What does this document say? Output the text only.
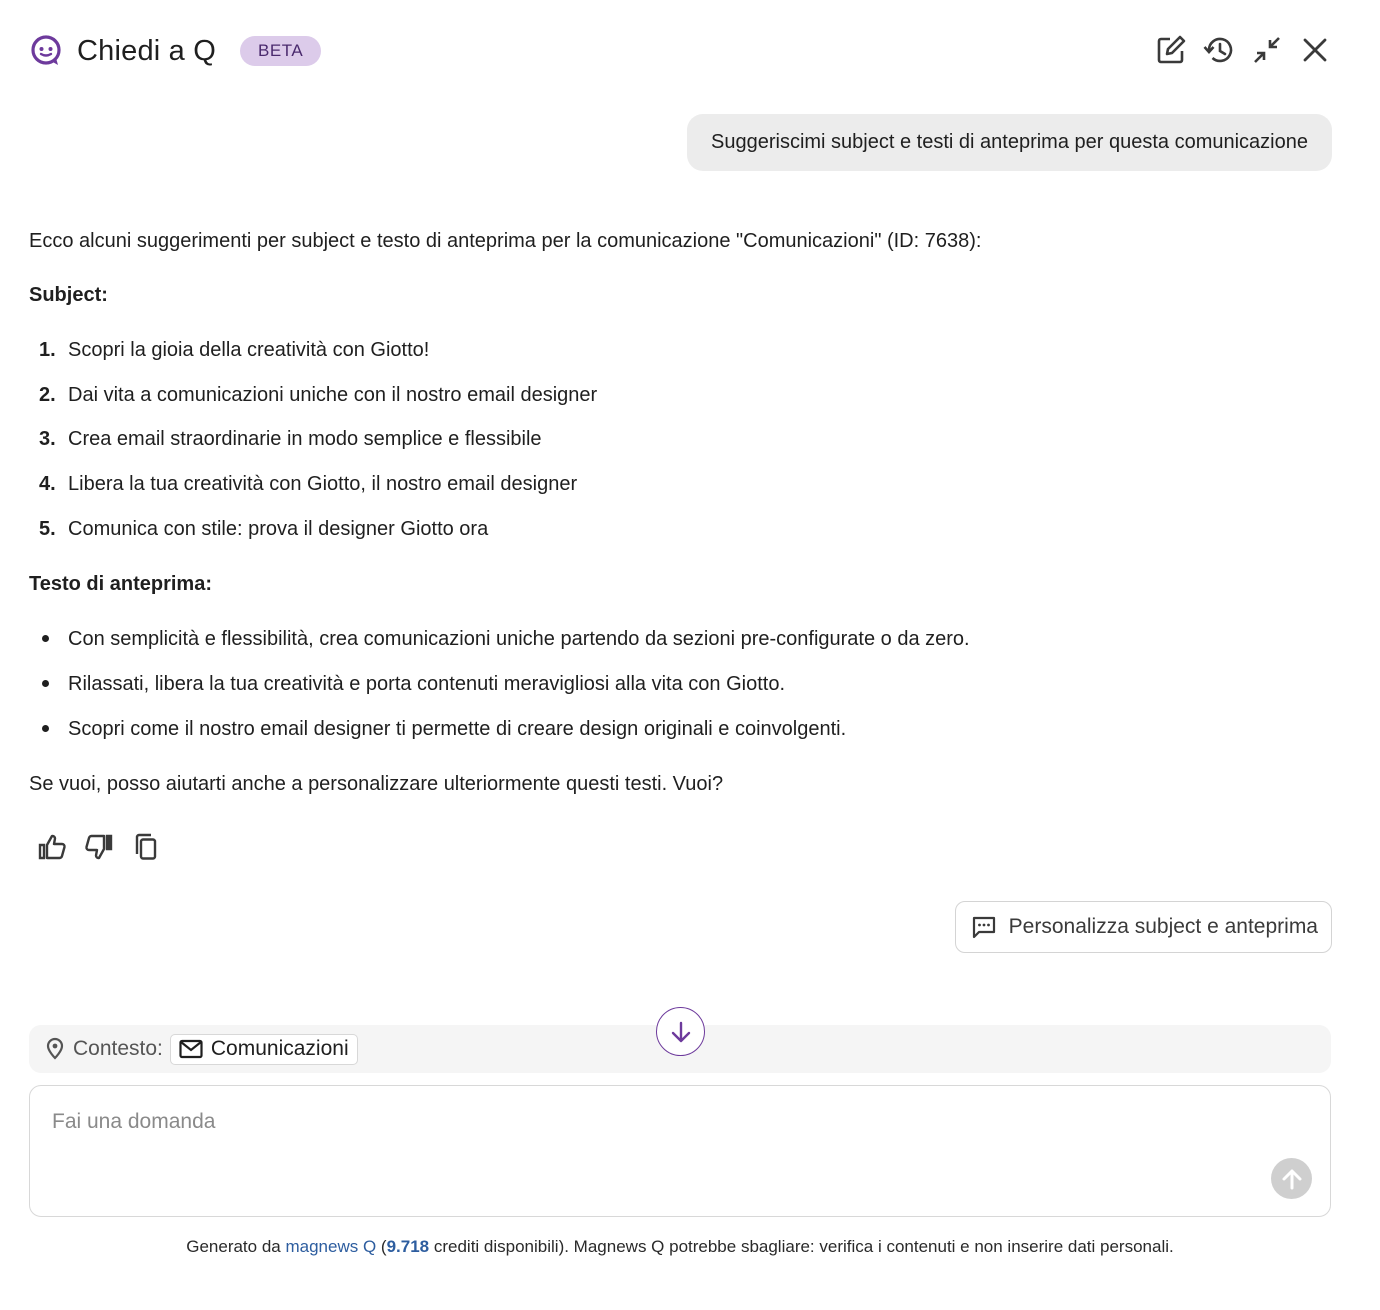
Chiedi a Q	BETA
Suggeriscimi subject e testi di anteprima per questa comunicazione

Ecco alcuni suggerimenti per subject e testo di anteprima per la comunicazione "Comunicazioni" (ID: 7638):

Subject:

1. Scopri la gioia della creatività con Giotto!
2. Dai vita a comunicazioni uniche con il nostro email designer
3. Crea email straordinarie in modo semplice e flessibile
4. Libera la tua creatività con Giotto, il nostro email designer
5. Comunica con stile: prova il designer Giotto ora

Testo di anteprima:

Con semplicità e flessibilità, crea comunicazioni uniche partendo da sezioni pre-configurate o da zero.
Rilassati, libera la tua creatività e porta contenuti meravigliosi alla vita con Giotto.
Scopri come il nostro email designer ti permette di creare design originali e coinvolgenti.

Se vuoi, posso aiutarti anche a personalizzare ulteriormente questi testi. Vuoi?

Personalizza subject e anteprima
Contesto: Comunicazioni
Fai una domanda
Generato da magnews Q (9.718 crediti disponibili). Magnews Q potrebbe sbagliare: verifica i contenuti e non inserire dati personali.
